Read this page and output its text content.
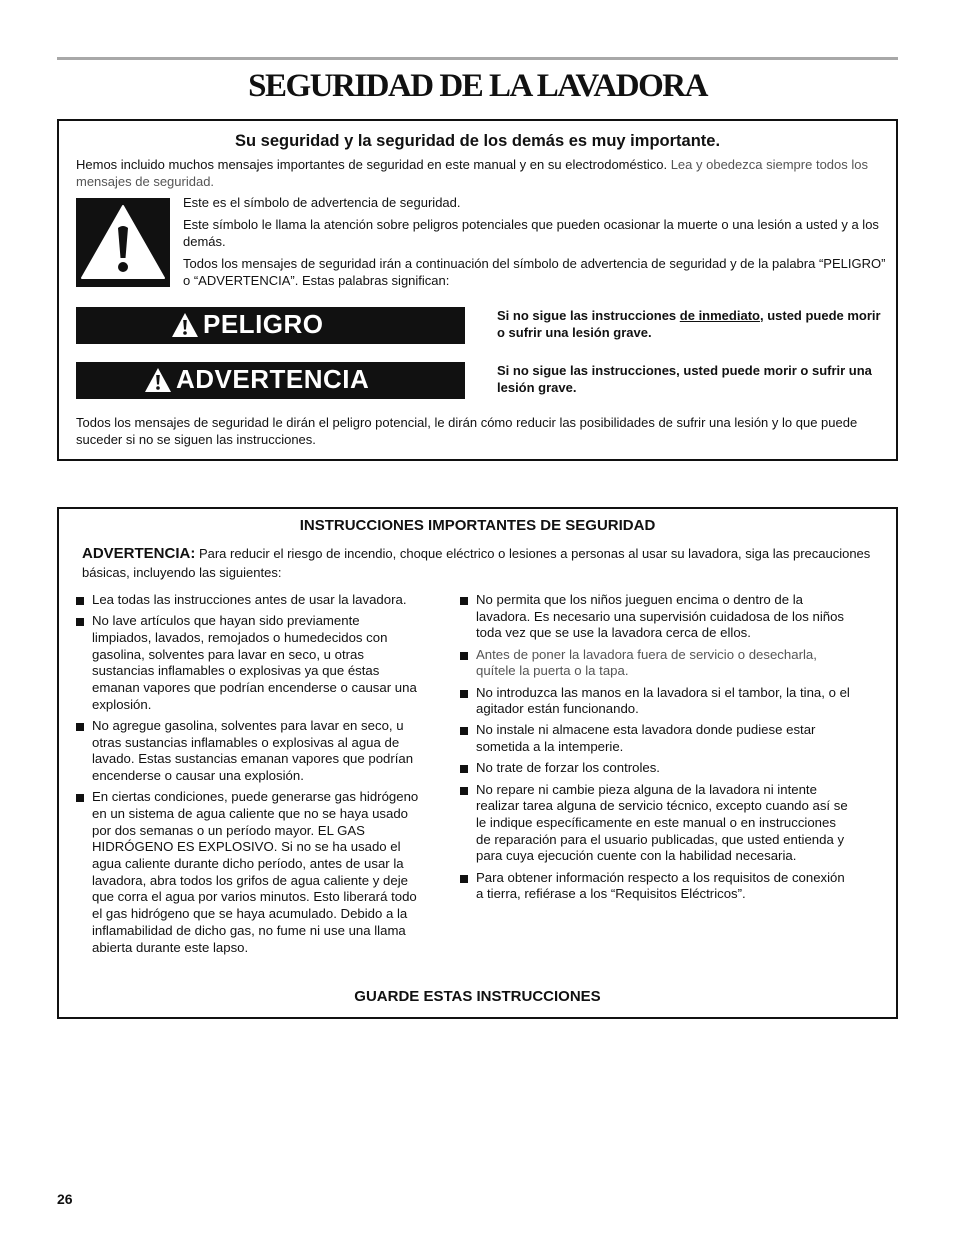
SEGURIDAD DE LA LAVADORA
Su seguridad y la seguridad de los demás es muy importante.

Hemos incluido muchos mensajes importantes de seguridad en este manual y en su electrodoméstico. Lea y obedezca siempre todos los mensajes de seguridad.

Este es el símbolo de advertencia de seguridad.

Este símbolo le llama la atención sobre peligros potenciales que pueden ocasionar la muerte o una lesión a usted y a los demás.

Todos los mensajes de seguridad irán a continuación del símbolo de advertencia de seguridad y de la palabra “PELIGRO” o “ADVERTENCIA”. Estas palabras significan:

PELIGRO	Si no sigue las instrucciones de inmediato, usted puede morir o sufrir una lesión grave.

ADVERTENCIA	Si no sigue las instrucciones, usted puede morir o sufrir una lesión grave.

Todos los mensajes de seguridad le dirán el peligro potencial, le dirán cómo reducir las posibilidades de sufrir una lesión y lo que puede suceder si no se siguen las instrucciones.

INSTRUCCIONES IMPORTANTES DE SEGURIDAD

ADVERTENCIA: Para reducir el riesgo de incendio, choque eléctrico o lesiones a personas al usar su lavadora, siga las precauciones básicas, incluyendo las siguientes:

Lea todas las instrucciones antes de usar la lavadora.
No lave artículos que hayan sido previamente limpiados, lavados, remojados o humedecidos con gasolina, solventes para lavar en seco, u otras sustancias inflamables o explosivas ya que éstas emanan vapores que podrían encenderse o causar una explosión.
No agregue gasolina, solventes para lavar en seco, u otras sustancias inflamables o explosivas al agua de lavado. Estas sustancias emanan vapores que podrían encenderse o causar una explosión.
En ciertas condiciones, puede generarse gas hidrógeno en un sistema de agua caliente que no se haya usado por dos semanas o un período mayor. EL GAS HIDRÓGENO ES EXPLOSIVO. Si no se ha usado el agua caliente durante dicho período, antes de usar la lavadora, abra todos los grifos de agua caliente y deje que corra el agua por varios minutos. Esto liberará todo el gas hidrógeno que se haya acumulado. Debido a la inflamabilidad de dicho gas, no fume ni use una llama abierta durante este lapso.
No permita que los niños jueguen encima o dentro de la lavadora. Es necesario una supervisión cuidadosa de los niños toda vez que se use la lavadora cerca de ellos.
Antes de poner la lavadora fuera de servicio o desecharla, quítele la puerta o la tapa.
No introduzca las manos en la lavadora si el tambor, la tina, o el agitador están funcionando.
No instale ni almacene esta lavadora donde pudiese estar sometida a la intemperie.
No trate de forzar los controles.
No repare ni cambie pieza alguna de la lavadora ni intente realizar tarea alguna de servicio técnico, excepto cuando así se le indique específicamente en este manual o en instrucciones de reparación para el usuario publicadas, que usted entienda y para cuya ejecución cuente con la habilidad necesaria.
Para obtener información respecto a los requisitos de conexión a tierra, refiérase a los “Requisitos Eléctricos”.
GUARDE ESTAS INSTRUCCIONES
26
